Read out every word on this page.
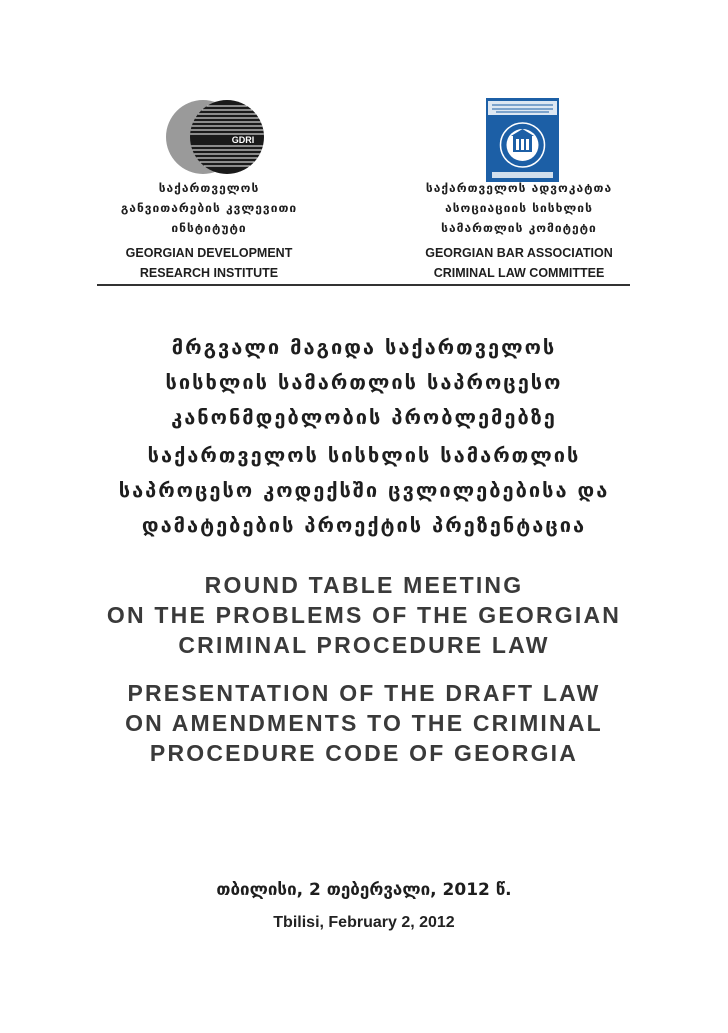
GDRI
საქართველოს
განვითარების კვლევითი
ინსტიტუტი
GEORGIAN DEVELOPMENT
RESEARCH INSTITUTE
საქართველოს ადვოკატთა
ასოციაციის სისხლის
სამართლის კომიტეტი
GEORGIAN BAR ASSOCIATION
CRIMINAL LAW COMMITTEE
მრგვალი მაგიდა საქართველოს
სისხლის სამართლის საპროცესო
კანონმდებლობის პრობლემებზე
საქართველოს სისხლის სამართლის
საპროცესო კოდექსში ცვლილებებისა და
დამატებების პროექტის პრეზენტაცია
ROUND TABLE MEETING
ON THE PROBLEMS OF THE GEORGIAN
CRIMINAL PROCEDURE LAW
PRESENTATION OF THE DRAFT LAW
ON AMENDMENTS TO THE CRIMINAL
PROCEDURE CODE OF GEORGIA
თბილისი, 2 თებერვალი, 2012 წ.
Tbilisi, February 2, 2012
